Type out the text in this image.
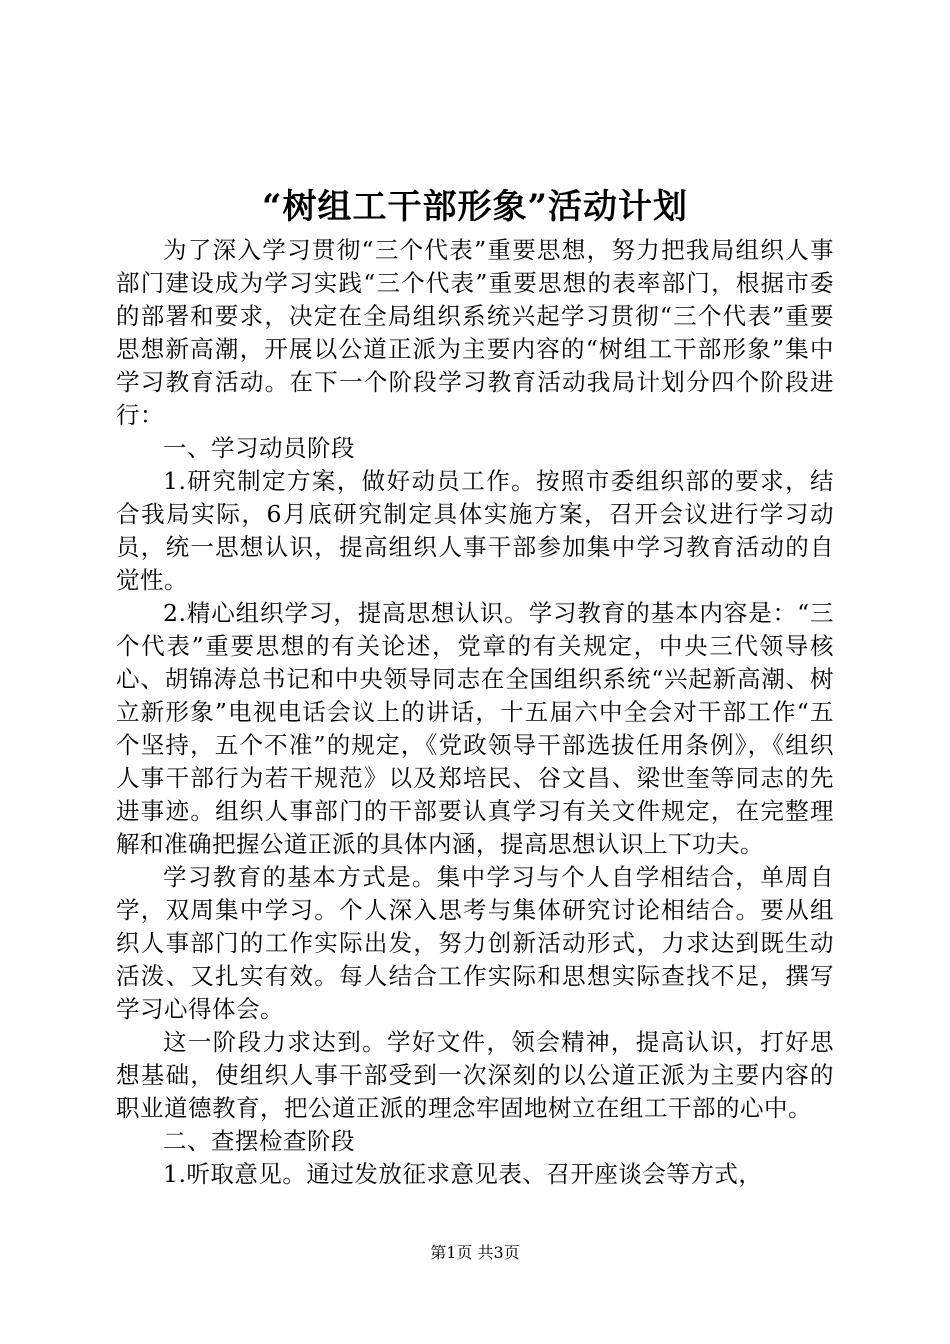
“树组工干部形象”活动计划

为了深入学习贯彻“三个代表”重要思想，努力把我局组织人事部门建设成为学习实践“三个代表”重要思想的表率部门，根据市委的部署和要求，决定在全局组织系统兴起学习贯彻“三个代表”重要思想新高潮，开展以公道正派为主要内容的“树组工干部形象”集中学习教育活动。在下一个阶段学习教育活动我局计划分四个阶段进行：

一、学习动员阶段

1.研究制定方案，做好动员工作。按照市委组织部的要求，结合我局实际，6月底研究制定具体实施方案，召开会议进行学习动员，统一思想认识，提高组织人事干部参加集中学习教育活动的自觉性。

2.精心组织学习，提高思想认识。学习教育的基本内容是：“三个代表”重要思想的有关论述，党章的有关规定，中央三代领导核心、胡锦涛总书记和中央领导同志在全国组织系统“兴起新高潮、树立新形象”电视电话会议上的讲话，十五届六中全会对干部工作“五个坚持，五个不准”的规定，《党政领导干部选拔任用条例》，《组织人事干部行为若干规范》以及郑培民、谷文昌、梁世奎等同志的先进事迹。组织人事部门的干部要认真学习有关文件规定，在完整理解和准确把握公道正派的具体内涵，提高思想认识上下功夫。

学习教育的基本方式是。集中学习与个人自学相结合，单周自学，双周集中学习。个人深入思考与集体研究讨论相结合。要从组织人事部门的工作实际出发，努力创新活动形式，力求达到既生动活泼、又扎实有效。每人结合工作实际和思想实际查找不足，撰写学习心得体会。

这一阶段力求达到。学好文件，领会精神，提高认识，打好思想基础，使组织人事干部受到一次深刻的以公道正派为主要内容的职业道德教育，把公道正派的理念牢固地树立在组工干部的心中。

二、查摆检查阶段

1.听取意见。通过发放征求意见表、召开座谈会等方式，

第1页 共3页
